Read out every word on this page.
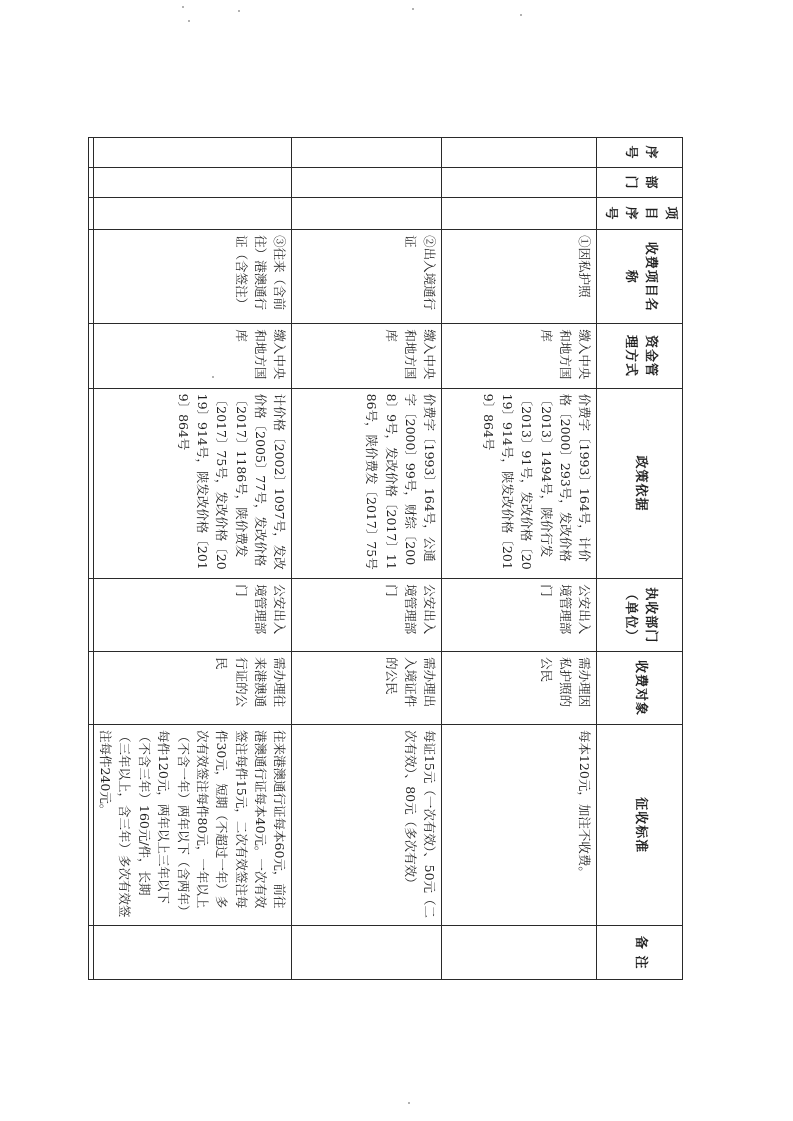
序号	部门	项目序号	收费项目名称	资金管理方式	政策依据	执收部门（单位）	收费对象	征收标准	备 注
			①因私护照	缴入中央和地方国库	价费字〔1993〕164号，计价格〔2000〕293号，发改价格〔2013〕1494号，陕价行发〔2013〕91号，发改价格〔2019〕914号，陕发改价格〔2019〕864号	公安出入境管理部门	需办理因私护照的公民	每本120元，加注不收费。	
			②出入境通行证	缴入中央和地方国库	价费字〔1993〕164号，公通字〔2000〕99号，财综〔2008〕9号，发改价格〔2017〕1186号，陕价费发〔2017〕75号	公安出入境管理部门	需办理出入境证件的公民	每证15元（一次有效）、50元（二次有效）、80元（多次有效）	
			③往来（含前往）港澳通行证（含签注）	缴入中央和地方国库	计价格〔2002〕1097号，发改价格〔2005〕77号，发改价格〔2017〕1186号，陕价费发〔2017〕75号，发改价格〔2019〕914号，陕发改价格〔2019〕864号	公安出入境管理部门	需办理往来港澳通行证的公民	往来港澳通行证每本60元，前往港澳通行证每本40元。一次有效签注每件15元，二次有效签注每件30元，短期（不超过一年）多次有效签注每件80元，一年以上（不含一年）两年以下（含两年）每件120元，两年以上三年以下（不含三年）160元/件，长期（三年以上，含三年）多次有效签注每件240元。	
